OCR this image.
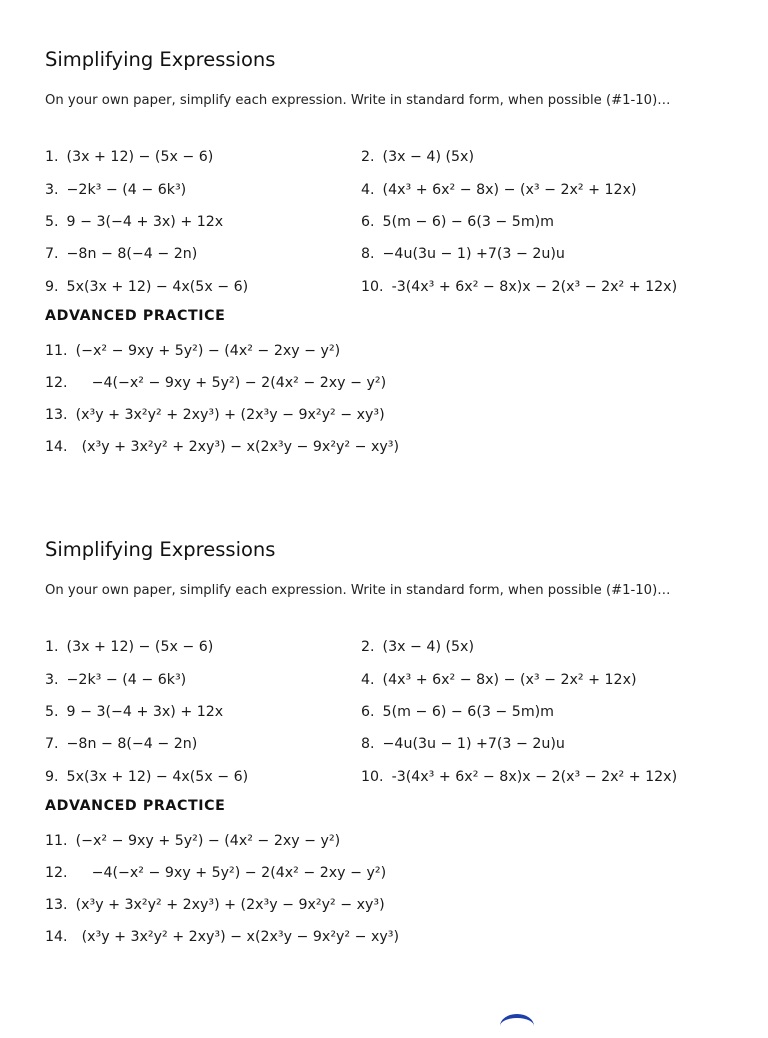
Simplifying Expressions
On your own paper, simplify each expression. Write in standard form, when possible (#1-10)…
1. (3x + 12) − (5x − 6)	2. (3x − 4) (5x)
3. −2k³ − (4 − 6k³)	4. (4x³ + 6x² − 8x) − (x³ − 2x² + 12x)
5. 9 − 3(−4 + 3x) + 12x	6. 5(m − 6) − 6(3 − 5m)m
7. −8n − 8(−4 − 2n)	8. −4u(3u − 1) +7(3 − 2u)u
9. 5x(3x + 12) − 4x(5x − 6)	10. -3(4x³ + 6x² − 8x)x − 2(x³ − 2x² + 12x)
ADVANCED PRACTICE
11. (−x² − 9xy + 5y²) − (4x² − 2xy − y²)
12. −4(−x² − 9xy + 5y²) − 2(4x² − 2xy − y²)
13. (x³y + 3x²y² + 2xy³) + (2x³y − 9x²y² − xy³)
14. (x³y + 3x²y² + 2xy³) − x(2x³y − 9x²y² − xy³)
Simplifying Expressions
On your own paper, simplify each expression. Write in standard form, when possible (#1-10)…
1. (3x + 12) − (5x − 6)	2. (3x − 4) (5x)
3. −2k³ − (4 − 6k³)	4. (4x³ + 6x² − 8x) − (x³ − 2x² + 12x)
5. 9 − 3(−4 + 3x) + 12x	6. 5(m − 6) − 6(3 − 5m)m
7. −8n − 8(−4 − 2n)	8. −4u(3u − 1) +7(3 − 2u)u
9. 5x(3x + 12) − 4x(5x − 6)	10. -3(4x³ + 6x² − 8x)x − 2(x³ − 2x² + 12x)
ADVANCED PRACTICE
11. (−x² − 9xy + 5y²) − (4x² − 2xy − y²)
12. −4(−x² − 9xy + 5y²) − 2(4x² − 2xy − y²)
13. (x³y + 3x²y² + 2xy³) + (2x³y − 9x²y² − xy³)
14. (x³y + 3x²y² + 2xy³) − x(2x³y − 9x²y² − xy³)
